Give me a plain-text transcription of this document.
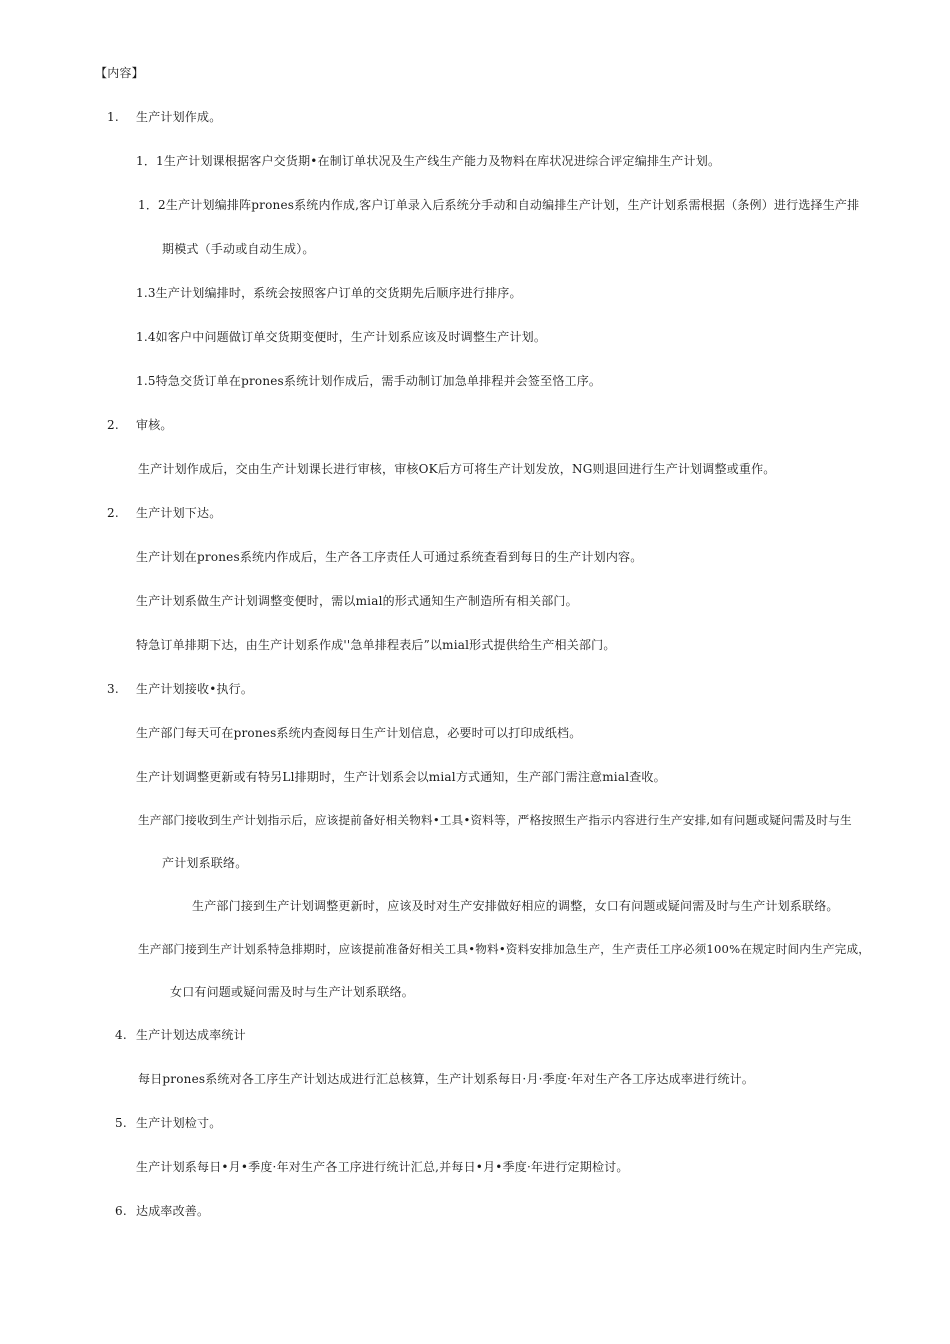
【内容】
1. 生产计划作成。
1．1生产计划课根据客户交货期•在制订单状况及生产线生产能力及物料在库状况进综合评定编排生产计划。
1．2生产计划编排阵prones系统内作成,客户订单录入后系统分手动和自动编排生产计划，生产计划系需根据（条例）进行选择生产排
期模式（手动或自动生成）。
1.3生产计划编排时，系统会按照客户订单的交货期先后顺序进行排序。
1.4如客户中问题做订单交货期变便时，生产计划系应该及时调整生产计划。
1.5特急交货订单在prones系统计划作成后，需手动制订加急单排程并会签至恪工序。
2. 审核。
生产计划作成后，交由生产计划课长进行审核，审核OK后方可将生产计划发放，NG则退回进行生产计划调整或重作。
2. 生产计划下达。
生产计划在prones系统内作成后，生产各工序责任人可通过系统查看到每日的生产计划内容。
生产计划系做生产计划调整变便时，需以mial的形式通知生产制造所有相关部门。
特急订单排期下达，由生产计划系作成''急单排程表后”以mial形式提供给生产相关部门。
3. 生产计划接收•执行。
生产部门每天可在prones系统内查阅每日生产计划信息，必要时可以打印成纸档。
生产计划调整更新或有特另Ll排期时，生产计划系会以mial方式通知，生产部门需注意mial查收。
生产部门接收到生产计划指示后，应该提前备好相关物料•工具•资料等，严格按照生产指示内容进行生产安排,如有问题或疑问需及时与生
产计划系联络。
生产部门接到生产计划调整更新时，应该及时对生产安排做好相应的调整，女口有问题或疑问需及时与生产计划系联络。
生产部门接到生产计划系特急排期时，应该提前准备好相关工具•物料•资料安排加急生产，生产责任工序必须100%在规定时间内生产完成，
女口有问题或疑问需及时与生产计划系联络。
4. 生产计划达成率统计
每日prones系统对各工序生产计划达成进行汇总核算，生产计划系每日·月·季度·年对生产各工序达成率进行统计。
5. 生产计划检寸。
生产计划系每日•月•季度·年对生产各工序进行统计汇总,并每日•月•季度·年进行定期检讨。
6. 达成率改善。
